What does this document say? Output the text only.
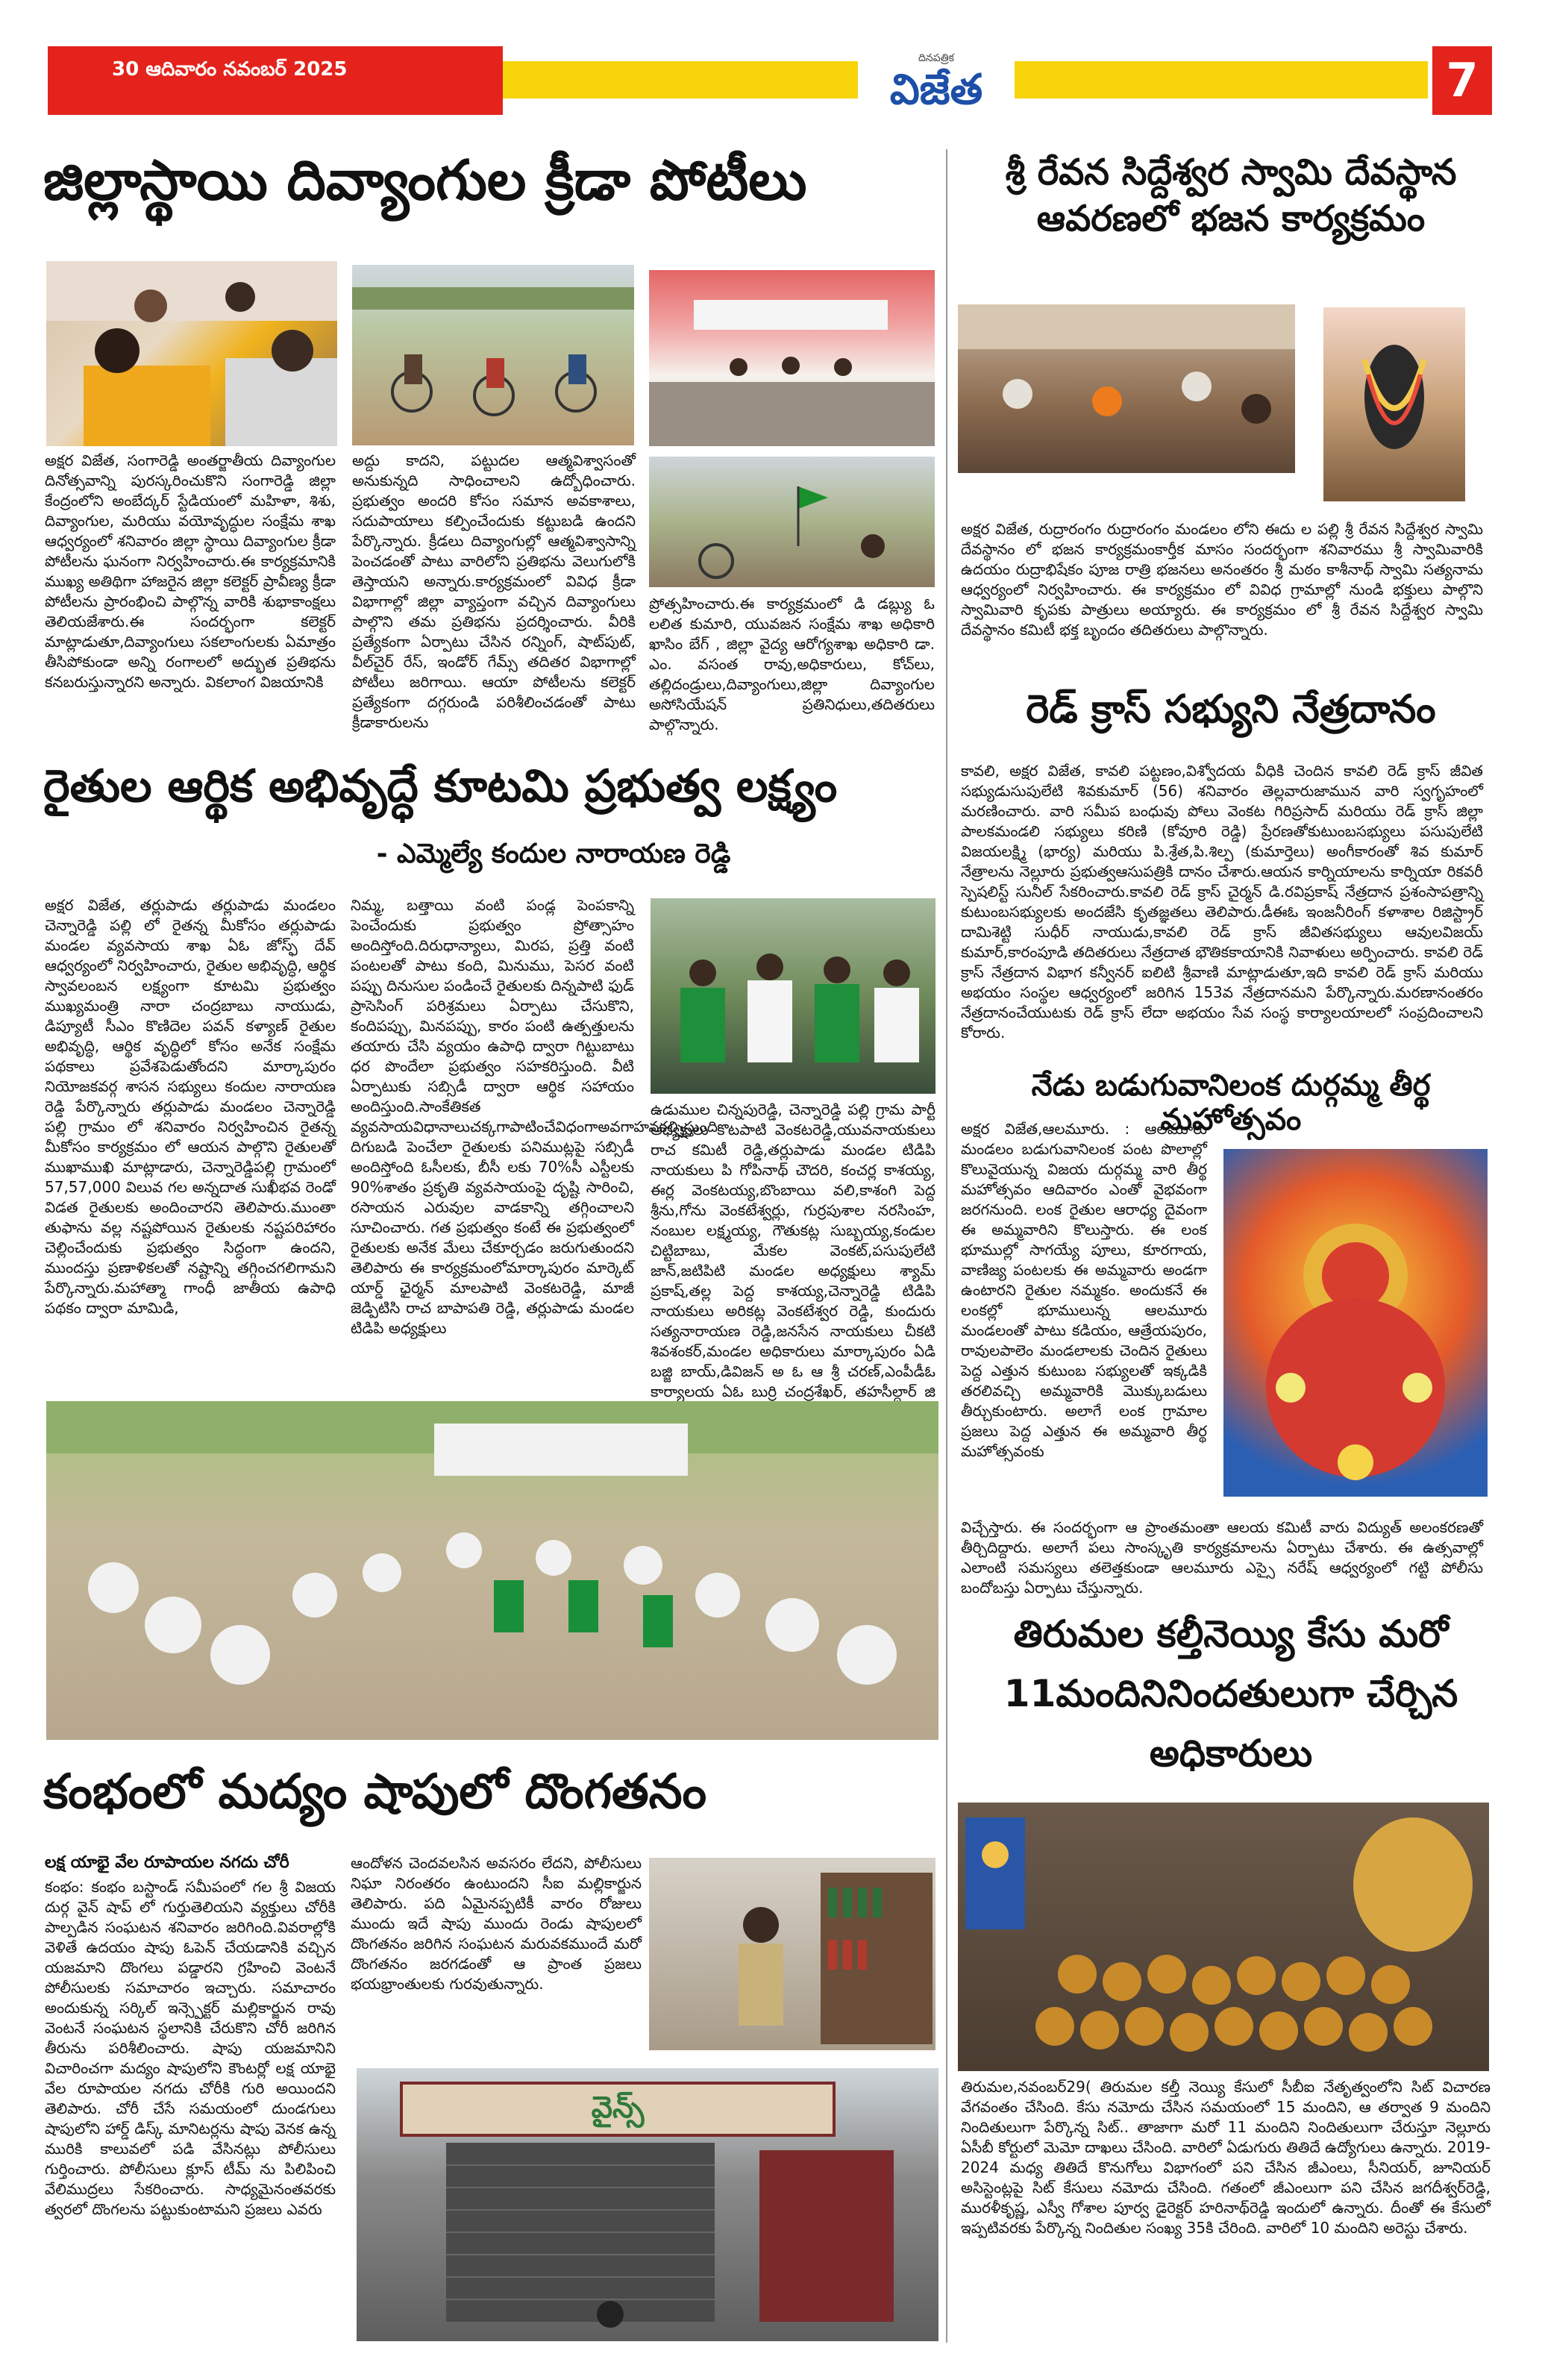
30 ఆదివారం నవంబర్ 2025	దినపత్రిక
విజేత	7
జిల్లాస్థాయి దివ్యాంగుల క్రీడా పోటీలు
అక్షర విజేత, సంగారెడ్డి అంతర్జాతీయ దివ్యాంగుల దినోత్సవాన్ని పురస్కరించుకొని సంగారెడ్డి జిల్లా కేంద్రంలోని అంబేద్కర్ స్టేడియంలో మహిళా, శిశు, దివ్యాంగుల, మరియు వయోవృద్ధుల సంక్షేమ శాఖ ఆధ్వర్యంలో శనివారం జిల్లా స్థాయి దివ్యాంగుల క్రీడా పోటీలను ఘనంగా నిర్వహించారు.ఈ కార్యక్రమానికి ముఖ్య అతిథిగా హాజరైన జిల్లా కలెక్టర్ ప్రావీణ్య క్రీడా పోటీలను ప్రారంభించి పాల్గొన్న వారికి శుభాకాంక్షలు తెలియజేశారు.ఈ సందర్భంగా కలెక్టర్ మాట్లాడుతూ,దివ్యాంగులు సకలాంగులకు ఏమాత్రం తీసిపోకుండా అన్ని రంగాలలో అద్భుత ప్రతిభను కనబరుస్తున్నారని అన్నారు. వికలాంగ విజయానికి
అద్దు కాదని, పట్టుదల ఆత్మవిశ్వాసంతో అనుకున్నది సాధించాలని ఉద్బోధించారు. ప్రభుత్వం అందరి కోసం సమాన అవకాశాలు, సదుపాయాలు కల్పించేందుకు కట్టుబడి ఉందని పేర్కొన్నారు. క్రీడలు దివ్యాంగుల్లో ఆత్మవిశ్వాసాన్ని పెంచడంతో పాటు వారిలోని ప్రతిభను వెలుగులోకి తెస్తాయని అన్నారు.కార్యక్రమంలో వివిధ క్రీడా విభాగాల్లో జిల్లా వ్యాప్తంగా వచ్చిన దివ్యాంగులు పాల్గొని తమ ప్రతిభను ప్రదర్శించారు. వీరికి ప్రత్యేకంగా ఏర్పాటు చేసిన రన్నింగ్, షాట్‌పుట్, వీల్‌చైర్ రేస్, ఇండోర్ గేమ్స్ తదితర విభాగాల్లో పోటీలు జరిగాయి. ఆయా పోటీలను కలెక్టర్ ప్రత్యేకంగా దగ్గరుండి పరిశీలించడంతో పాటు క్రీడాకారులను
ప్రోత్సహించారు.ఈ కార్యక్రమంలో డి డబ్ల్యు ఓ లలిత కుమారి, యువజన సంక్షేమ శాఖ అధికారి ఖాసిం బేగ్ , జిల్లా వైద్య ఆరోగ్యశాఖ అధికారి డా. ఎం. వసంత రావు,అధికారులు, కోచ్‌లు, తల్లిదండ్రులు,దివ్యాంగులు,జిల్లా దివ్యాంగుల అసోసియేషన్ ప్రతినిధులు,తదితరులు పాల్గొన్నారు.
శ్రీ రేవన సిద్దేశ్వర స్వామి దేవస్థాన ఆవరణలో భజన కార్యక్రమం
అక్షర విజేత, రుద్రారంగం రుద్రారంగం మండలం లోని ఈదు ల పల్లి శ్రీ రేవన సిద్దేశ్వర స్వామి దేవస్థానం లో భజన కార్యక్రమంకార్తీక మాసం సందర్భంగా శనివారము శ్రీ స్వామివారికి ఉదయం రుద్రాభిషేకం పూజ రాత్రి భజనలు అనంతరం శ్రీ మఠం కాశీనాథ్ స్వామి సత్యనామ ఆధ్వర్యంలో నిర్వహించారు. ఈ కార్యక్రమం లో వివిధ గ్రామాల్లో నుండి భక్తులు పాల్గొని స్వామివారి కృపకు పాత్రులు అయ్యారు. ఈ కార్యక్రమం లో శ్రీ రేవన సిద్దేశ్వర స్వామి దేవస్థానం కమిటీ భక్త బృందం తదితరులు పాల్గొన్నారు.
రెడ్ క్రాస్ సభ్యుని నేత్రదానం
కావలి, అక్షర విజేత, కావలి పట్టణం,విశ్వోదయ వీధికి చెందిన కావలి రెడ్ క్రాస్ జీవిత సభ్యుడుసుపులేటి శివకుమార్ (56) శనివారం తెల్లవారుజామున వారి స్వగృహంలో మరణించారు. వారి సమీప బంధువు పోలు వెంకట గిరిప్రసాద్ మరియు రెడ్ క్రాస్ జిల్లా పాలకమండలి సభ్యులు కరిణి (కోవూరి రెడ్డి) ప్రేరణతోకుటుంబసభ్యులు పసుపులేటి విజయలక్ష్మి (భార్య) మరియు పి.శ్రేత,పి.శిల్ప (కుమార్తెలు) అంగీకారంతో శివ కుమార్ నేత్రాలను నెల్లూరు ప్రభుత్వఆసుపత్రికి దానం చేశారు.ఆయన కార్నియాలను కార్నియా రికవరీ స్పెషలిస్ట్ సునీల్ సేకరించారు.కావలి రెడ్ క్రాస్ చైర్మన్ డి.రవిప్రకాష్ నేత్రదాన ప్రశంసాపత్రాన్ని కుటుంబసభ్యులకు అందజేసి కృతజ్ఞతలు తెలిపారు.డీఈఓ ఇంజనీరింగ్ కళాశాల రిజిస్ట్రార్ దామిశెట్టి సుధీర్ నాయుడు,కావలి రెడ్ క్రాస్ జీవితసభ్యులు ఆవులవిజయ్ కుమార్,కారంపూడి తదితరులు నేత్రదాత భౌతికకాయానికి నివాళులు అర్పించారు. కావలి రెడ్ క్రాస్ నేత్రదాన విభాగ కన్వీనర్ ఐలిటి శ్రీవాణి మాట్లాడుతూ,ఇది కావలి రెడ్ క్రాస్ మరియు అభయం సంస్థల ఆధ్వర్యంలో జరిగిన 153వ నేత్రదానమని పేర్కొన్నారు.మరణానంతరం నేత్రదానంచేయుటకు రెడ్ క్రాస్ లేదా అభయం సేవ సంస్థ కార్యాలయాలలో సంప్రదించాలని కోరారు.
నేడు బడుగువానిలంక దుర్గమ్మ తీర్థ మహోత్సవం
అక్షర విజేత,ఆలమూరు. : ఆలమూరు మండలం బడుగువానిలంక పంట పొలాల్లో కొలువైయున్న విజయ దుర్గమ్మ వారి తీర్థ మహోత్సవం ఆదివారం ఎంతో వైభవంగా జరగనుంది. లంక రైతుల ఆరాధ్య దైవంగా ఈ అమ్మవారిని కొలుస్తారు. ఈ లంక భూముల్లో సాగయ్యే పూలు, కూరగాయ, వాణిజ్య పంటలకు ఈ అమ్మవారు అండగా ఉంటారని రైతుల నమ్మకం. అందుకనే ఈ లంకల్లో భూములున్న ఆలమూరు మండలంతో పాటు కడియం, ఆత్రేయపురం, రావులపాలెం మండలాలకు చెందిన రైతులు పెద్ద ఎత్తున కుటుంబ సభ్యులతో ఇక్కడికి తరలివచ్చి అమ్మవారికి మొక్కుబడులు తీర్చుకుంటారు. అలాగే లంక గ్రామాల ప్రజలు పెద్ద ఎత్తున ఈ అమ్మవారి తీర్థ మహోత్సవంకు
విచ్చేస్తారు. ఈ సందర్భంగా ఆ ప్రాంతమంతా ఆలయ కమిటీ వారు విద్యుత్ అలంకరణతో తీర్చిదిద్దారు. అలాగే పలు సాంస్కృతి కార్యక్రమాలను ఏర్పాటు చేశారు. ఈ ఉత్సవాల్లో ఎలాంటి సమస్యలు తలెత్తకుండా ఆలమూరు ఎస్సై నరేష్ ఆధ్వర్యంలో గట్టి పోలీసు బందోబస్తు ఏర్పాటు చేస్తున్నారు.
తిరుమల కల్తీనెయ్యి కేసు మరో 11మందినినిందతులుగా చేర్చిన అధికారులు
తిరుమల,నవంబర్29( తిరుమల కల్తీ నెయ్యి కేసులో సీబీఐ నేతృత్వంలోని సిట్ విచారణ వేగవంతం చేసింది. కేసు నమోదు చేసిన సమయంలో 15 మందిని, ఆ తర్వాత 9 మందిని నిందితులుగా పేర్కొన్న సిట్.. తాజాగా మరో 11 మందిని నిందితులుగా చేరుస్తూ నెల్లూరు ఏసీబీ కోర్టులో మెమో దాఖలు చేసింది. వారిలో ఏడుగురు తితిదే ఉద్యోగులు ఉన్నారు. 2019-2024 మధ్య తితిదే కొనుగోలు విభాగంలో పని చేసిన జీఎంలు, సీనియర్, జూనియర్ అసిస్టెంట్లపై సిట్ కేసులు నమోదు చేసింది. గతంలో జీఎంలుగా పని చేసిన జగదీశ్వర్‌రెడ్డి, మురళీకృష్ణ, ఎస్వీ గోశాల పూర్వ డైరెక్టర్ హరినాథ్‌రెడ్డి ఇందులో ఉన్నారు. దీంతో ఈ కేసులో ఇప్పటివరకు పేర్కొన్న నిందితుల సంఖ్య 35కి చేరింది. వారిలో 10 మందిని అరెస్టు చేశారు.
రైతుల ఆర్థిక అభివృద్ధే కూటమి ప్రభుత్వ లక్ష్యం
- ఎమ్మెల్యే కందుల నారాయణ రెడ్డి
అక్షర విజేత, తర్లుపాడు తర్లుపాడు మండలం చెన్నారెడ్డి పల్లి లో రైతన్న మీకోసం తర్లుపాడు మండల వ్యవసాయ శాఖ ఏఓ జోస్ఫ్ దేవ్ ఆధ్వర్యంలో నిర్వహించారు, రైతుల అభివృద్ధి, ఆర్థిక స్వావలంబన లక్ష్యంగా కూటమి ప్రభుత్వం ముఖ్యమంత్రి నారా చంద్రబాబు నాయుడు, డిప్యూటీ సీఎం కొణిదెల పవన్ కళ్యాణ్ రైతుల అభివృద్ధి, ఆర్థిక వృద్ధిలో కోసం అనేక సంక్షేమ పథకాలు ప్రవేశపెడుతోందని మార్కాపురం నియోజకవర్గ శాసన సభ్యులు కందుల నారాయణ రెడ్డి పేర్కొన్నారు తర్లుపాడు మండలం చెన్నారెడ్డి పల్లి గ్రామం లో శనివారం నిర్వహించిన రైతన్న మీకోసం కార్యక్రమం లో ఆయన పాల్గొని రైతులతో ముఖాముఖి మాట్లాడారు, చెన్నారెడ్డిపల్లి గ్రామంలో 57,57,000 విలువ గల అన్నదాత సుఖీభవ రెండో విడత రైతులకు అందించారని తెలిపారు.ముంతా తుఫాను వల్ల నష్టపోయిన రైతులకు నష్టపరిహారం చెల్లించేందుకు ప్రభుత్వం సిద్ధంగా ఉందని, ముందస్తు ప్రణాళికలతో నష్టాన్ని తగ్గించగలిగామని పేర్కొన్నారు.మహాత్మా గాంధీ జాతీయ ఉపాధి పథకం ద్వారా మామిడి,
నిమ్మ, బత్తాయి వంటి పండ్ల పెంపకాన్ని పెంచేందుకు ప్రభుత్వం ప్రోత్సాహం అందిస్తోంది.దిరుధాన్యాలు, మిరప, ప్రత్తి వంటి పంటలతో పాటు కంది, మినుము, పెసర వంటి పప్పు దినుసుల పండించే రైతులకు దిన్నపాటి ఫుడ్ ప్రాసెసింగ్ పరిశ్రమలు ఏర్పాటు చేసుకొని, కందిపప్పు, మినపప్పు, కారం పంటి ఉత్పత్తులను తయారు చేసి వ్యయం ఉపాధి ద్వారా గిట్టుబాటు ధర పొందేలా ప్రభుత్వం సహకరిస్తుంది. వీటి ఏర్పాటుకు సబ్సిడీ ద్వారా ఆర్థిక సహాయం అందిస్తుంది.సాంకేతికత వ్యవసాయవిధానాలుచక్కగాపాటించేవిధంగాఅవగాహనకల్పిస్తుంది దిగుబడి పెంచేలా రైతులకు పనిముట్లపై సబ్సిడీ అందిస్తోంది ఓసీలకు, బీసీ లకు 70%సీ ఎస్టీలకు 90%శాతం ప్రకృతి వ్యవసాయంపై దృష్టి సారించి, రసాయన ఎరువుల వాడకాన్ని తగ్గించాలని సూచించారు. గత ప్రభుత్వం కంటే ఈ ప్రభుత్వంలో రైతులకు అనేక మేలు చేకూర్చడం జరుగుతుందని తెలిపారు ఈ కార్యక్రమంలోమార్కాపురం మార్కెట్ యార్డ్ ఛైర్మన్ మాలపాటి వెంకటరెడ్డి, మాజీ జెడ్పిటిసి రాచ బాపాపతి రెడ్డి, తర్లుపాడు మండల టిడిపి అధ్యక్షులు
ఉడుముల చిన్నపురెడ్డి, చెన్నారెడ్డి పల్లి గ్రామ పార్టీ అధ్యక్షులు కొటపాటి వెంకటరెడ్డి,యువనాయకులు రాచ కమిటీ రెడ్డి,తర్లుపాడు మండల టిడిపి నాయకులు పి గోపినాథ్ చౌదరి, కంచర్ల కాశయ్య, ఈర్ల వెంకటయ్య,బొంబాయి వలి,కాశంగి పెద్ద శ్రీను,గోను వెంకటేశ్వర్లు, గుర్రపుశాల నరసింహ, నంబుల లక్ష్మయ్య, గౌతుకట్ల సుబ్బయ్య,కండుల చిట్టిబాబు, మేకల వెంకట్,పసుపులేటి జాన్,జటిపిటి మండల అధ్యక్షులు శ్యామ్ ప్రకాష్,తల్ల పెద్ద కాశయ్య,చెన్నారెడ్డి టిడిపి నాయకులు అరికట్ల వెంకటేశ్వర రెడ్డి, కుందురు సత్యనారాయణ రెడ్డి,జనసేన నాయకులు చీకటి శివశంకర్,మండల అధికారులు మార్కాపురం ఏడి బజ్జి బాయ్,డివిజన్ అ ఓ ఆ శ్రీ చరణ్,ఎంపీడీఓ కార్యాలయ ఏఓ బుర్రి చంద్రశేఖర్, తహసీల్దార్ జి
కంభంలో మద్యం షాపులో దొంగతనం
లక్ష యాభై వేల రూపాయల నగదు చోరీ
కంభం: కంభం బస్టాండ్ సమీపంలో గల శ్రీ విజయ దుర్గ వైన్ షాప్ లో గుర్తుతెలియని వ్యక్తులు చోరీకి పాల్పడిన సంఘటన శనివారం జరిగింది.వివరాల్లోకి వెళితే ఉదయం షాపు ఓపెన్ చేయడానికి వచ్చిన యజమాని దొంగలు పడ్డారని గ్రహించి వెంటనే పోలీసులకు సమాచారం ఇచ్చారు. సమాచారం అందుకున్న సర్కిల్ ఇన్స్పెక్టర్ మల్లికార్జున రావు వెంటనే సంఘటన స్థలానికి చేరుకొని చోరీ జరిగిన తీరును పరిశీలించారు. షాపు యజమానిని విచారించగా మద్యం షాపులోని కౌంటర్లో లక్ష యాభై వేల రూపాయల నగదు చోరీకి గురి అయిందని తెలిపారు. చోరీ చేసే సమయంలో దుండగులు షాపులోని హార్డ్ డిస్క్ మానిటర్లను షాపు వెనక ఉన్న మురికి కాలువలో పడి వేసినట్లు పోలీసులు గుర్తించారు. పోలీసులు క్లూస్ టీమ్ ను పిలిపించి వేలిముద్రలు సేకరించారు. సాధ్యమైనంతవరకు త్వరలో దొంగలను పట్టుకుంటామని ప్రజలు ఎవరు
ఆందోళన చెందవలసిన అవసరం లేదని, పోలీసులు నిఘా నిరంతరం ఉంటుందని సీఐ మల్లికార్జున తెలిపారు. పది ఏమైనప్పటికీ వారం రోజులు ముందు ఇదే షాపు ముందు రెండు షాపులలో దొంగతనం జరిగిన సంఘటన మరువకముందే మరో దొంగతనం జరగడంతో ఆ ప్రాంత ప్రజలు భయభ్రాంతులకు గురవుతున్నారు.
వైన్స్
